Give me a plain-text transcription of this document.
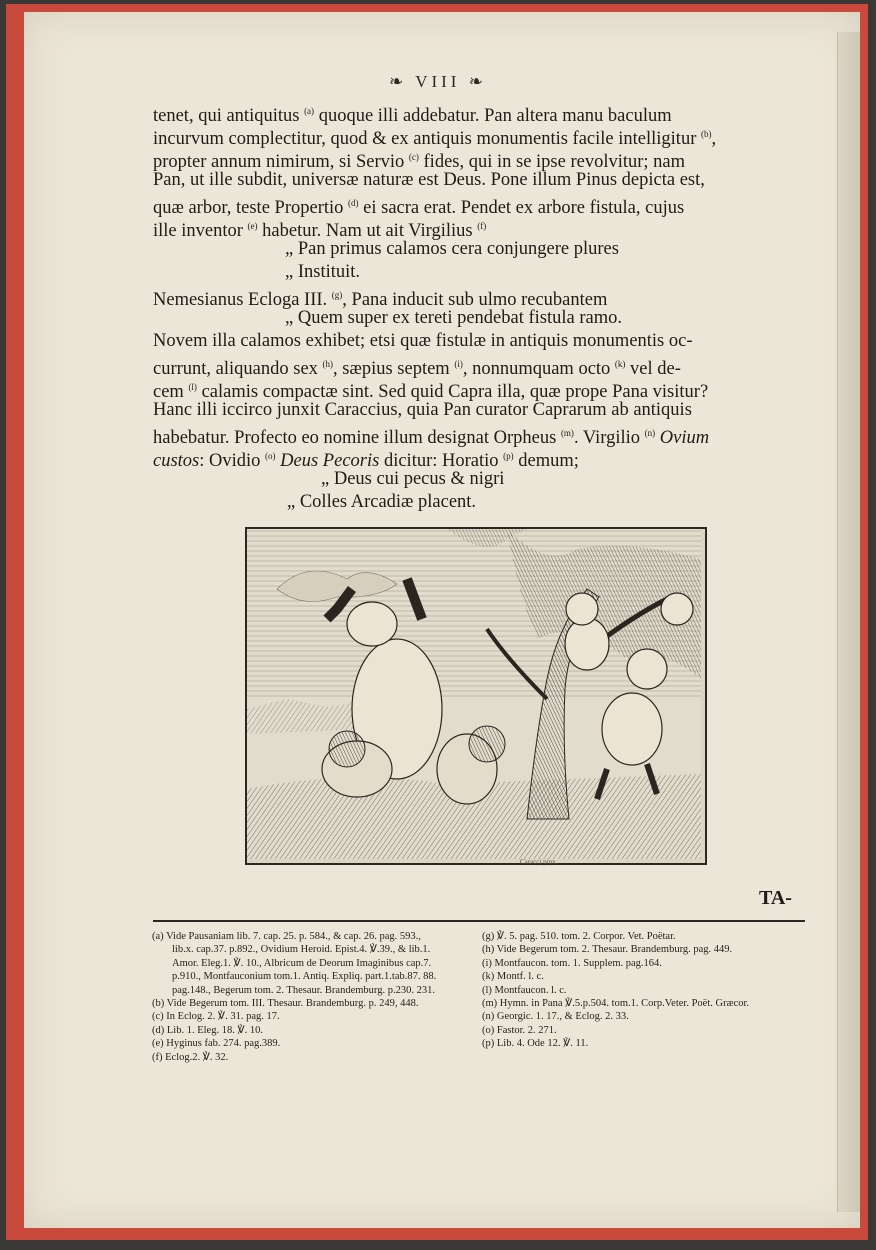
❧ VIII ❧
tenet, qui antiquitus $^{(a)}$ quoque illi addebatur. Pan altera manu baculum
incurvum complectitur, quod & ex antiquis monumentis facile intelligitur $^{(b)}$,
propter annum nimirum, si Servio $^{(c)}$ fides, qui in se ipse revolvitur; nam
Pan, ut ille subdit, universæ naturæ est Deus. Pone illum Pinus depicta est,
quæ arbor, teste Propertio $^{(d)}$ ei sacra erat. Pendet ex arbore fistula, cujus
ille inventor $^{(e)}$ habetur. Nam ut ait Virgilius $^{(f)}$
„ Pan primus calamos cera conjungere plures
„ Instituit.
Nemesianus Ecloga III. $^{(g)}$, Pana inducit sub ulmo recubantem
„ Quem super ex tereti pendebat fistula ramo.
Novem illa calamos exhibet; etsi quæ fistulæ in antiquis monumentis oc-
currunt, aliquando sex $^{(h)}$, sæpius septem $^{(i)}$, nonnumquam octo $^{(k)}$ vel de-
cem $^{(l)}$ calamis compactæ sint. Sed quid Capra illa, quæ prope Pana visitur?
Hanc illi iccirco junxit Caraccius, quia Pan curator Caprarum ab antiquis
habebatur. Profecto eo nomine illum designat Orpheus $^{(m)}$. Virgilio $^{(n)}$ Ovium
custos: Ovidio $^{(o)}$ Deus Pecoris dicitur: Horatio $^{(p)}$ demum;
„ Deus cui pecus & nigri
„ Colles Arcadiæ placent.
Caracci pinx.
TA-
(a) Vide Pausaniam lib. 7. cap. 25. p. 584., & cap. 26. pag. 593.,
lib.x. cap.37. p.892., Ovidium Heroid. Epist.4. ℣.39., & lib.1.
Amor. Eleg.1. ℣. 10., Albricum de Deorum Imaginibus cap.7.
p.910., Montfauconium tom.1. Antiq. Expliq. part.1.tab.87. 88.
pag.148., Begerum tom. 2. Thesaur. Brandemburg. p.230. 231.
(b) Vide Begerum tom. III. Thesaur. Brandemburg. p. 249, 448.
(c) In Eclog. 2. ℣. 31. pag. 17.
(d) Lib. 1. Eleg. 18. ℣. 10.
(e) Hyginus fab. 274. pag.389.
(f) Eclog.2. ℣. 32.
(g) ℣. 5. pag. 510. tom. 2. Corpor. Vet. Poëtar.
(h) Vide Begerum tom. 2. Thesaur. Brandemburg. pag. 449.
(i) Montfaucon. tom. 1. Supplem. pag.164.
(k) Montf. l. c.
(l) Montfaucon. l. c.
(m) Hymn. in Pana ℣.5.p.504. tom.1. Corp.Veter. Poët. Græcor.
(n) Georgic. 1. 17., & Eclog. 2. 33.
(o) Fastor. 2. 271.
(p) Lib. 4. Ode 12. ℣. 11.
